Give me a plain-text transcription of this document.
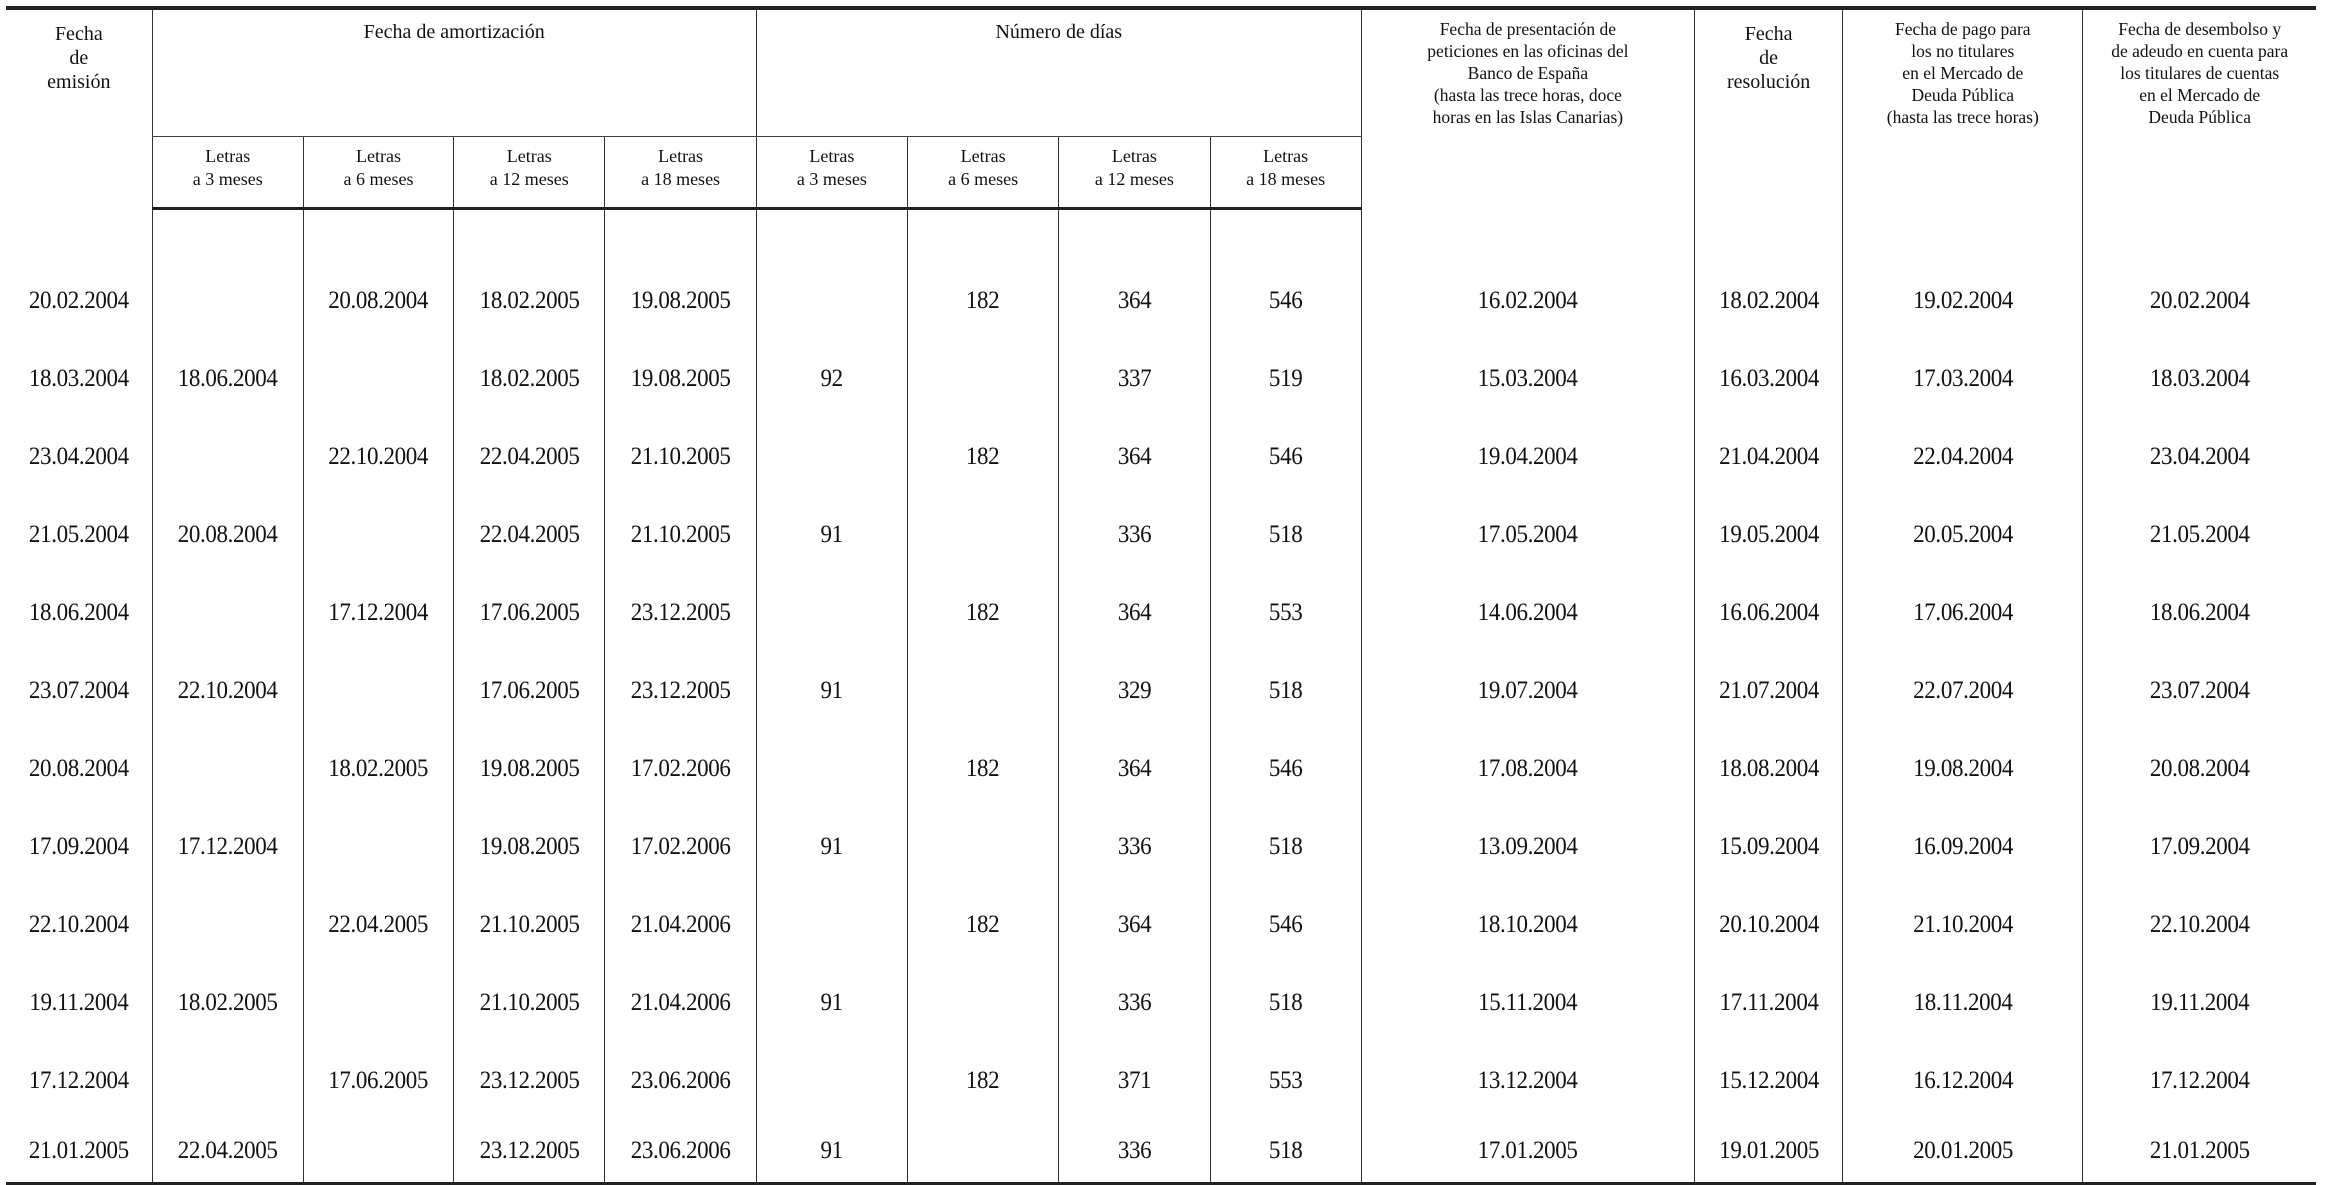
Fecha
de
emisión	Fecha de amortización				Número de días				Fecha de presentación de
peticiones en las oficinas del
Banco de España
(hasta las trece horas, doce
horas en las Islas Canarias)	Fecha
de
resolución	Fecha de pago para
los no titulares
en el Mercado de
Deuda Pública
(hasta las trece horas)	Fecha de desembolso y
de adeudo en cuenta para
los titulares de cuentas
en el Mercado de
Deuda Pública
	Letras
a 3 meses	Letras
a 6 meses	Letras
a 12 meses	Letras
a 18 meses	Letras
a 3 meses	Letras
a 6 meses	Letras
a 12 meses	Letras
a 18 meses				

20.02.2004		20.08.2004	18.02.2005	19.08.2005		182	364	546	16.02.2004	18.02.2004	19.02.2004	20.02.2004
18.03.2004	18.06.2004		18.02.2005	19.08.2005	92		337	519	15.03.2004	16.03.2004	17.03.2004	18.03.2004
23.04.2004		22.10.2004	22.04.2005	21.10.2005		182	364	546	19.04.2004	21.04.2004	22.04.2004	23.04.2004
21.05.2004	20.08.2004		22.04.2005	21.10.2005	91		336	518	17.05.2004	19.05.2004	20.05.2004	21.05.2004
18.06.2004		17.12.2004	17.06.2005	23.12.2005		182	364	553	14.06.2004	16.06.2004	17.06.2004	18.06.2004
23.07.2004	22.10.2004		17.06.2005	23.12.2005	91		329	518	19.07.2004	21.07.2004	22.07.2004	23.07.2004
20.08.2004		18.02.2005	19.08.2005	17.02.2006		182	364	546	17.08.2004	18.08.2004	19.08.2004	20.08.2004
17.09.2004	17.12.2004		19.08.2005	17.02.2006	91		336	518	13.09.2004	15.09.2004	16.09.2004	17.09.2004
22.10.2004		22.04.2005	21.10.2005	21.04.2006		182	364	546	18.10.2004	20.10.2004	21.10.2004	22.10.2004
19.11.2004	18.02.2005		21.10.2005	21.04.2006	91		336	518	15.11.2004	17.11.2004	18.11.2004	19.11.2004
17.12.2004		17.06.2005	23.12.2005	23.06.2006		182	371	553	13.12.2004	15.12.2004	16.12.2004	17.12.2004
21.01.2005	22.04.2005		23.12.2005	23.06.2006	91		336	518	17.01.2005	19.01.2005	20.01.2005	21.01.2005
